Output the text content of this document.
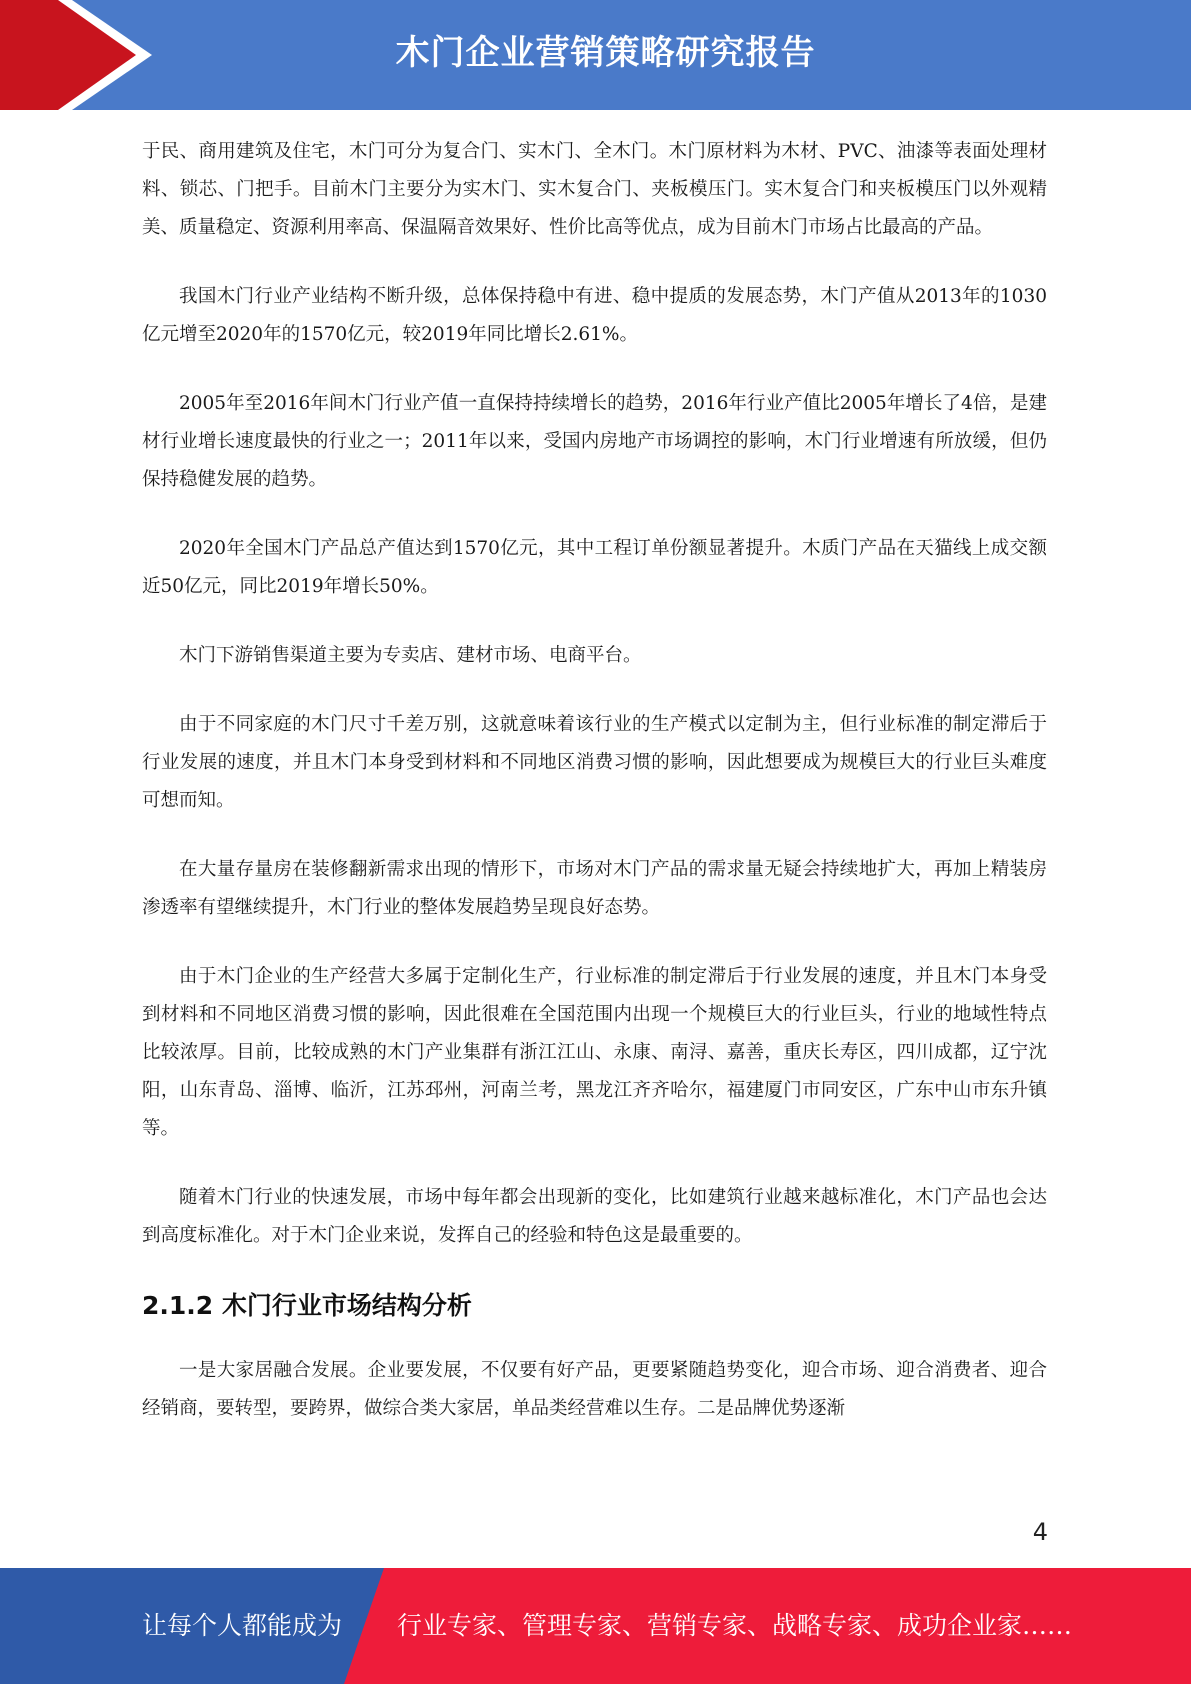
木门企业营销策略研究报告

于民、商用建筑及住宅，木门可分为复合门、实木门、全木门。木门原材料为木材、PVC、油漆等表面处理材料、锁芯、门把手。目前木门主要分为实木门、实木复合门、夹板模压门。实木复合门和夹板模压门以外观精美、质量稳定、资源利用率高、保温隔音效果好、性价比高等优点，成为目前木门市场占比最高的产品。

我国木门行业产业结构不断升级，总体保持稳中有进、稳中提质的发展态势，木门产值从2013年的1030亿元增至2020年的1570亿元，较2019年同比增长2.61%。

2005年至2016年间木门行业产值一直保持持续增长的趋势，2016年行业产值比2005年增长了4倍，是建材行业增长速度最快的行业之一；2011年以来，受国内房地产市场调控的影响，木门行业增速有所放缓，但仍保持稳健发展的趋势。

2020年全国木门产品总产值达到1570亿元，其中工程订单份额显著提升。木质门产品在天猫线上成交额近50亿元，同比2019年增长50%。

木门下游销售渠道主要为专卖店、建材市场、电商平台。

由于不同家庭的木门尺寸千差万别，这就意味着该行业的生产模式以定制为主，但行业标准的制定滞后于行业发展的速度，并且木门本身受到材料和不同地区消费习惯的影响，因此想要成为规模巨大的行业巨头难度可想而知。

在大量存量房在装修翻新需求出现的情形下，市场对木门产品的需求量无疑会持续地扩大，再加上精装房渗透率有望继续提升，木门行业的整体发展趋势呈现良好态势。

由于木门企业的生产经营大多属于定制化生产，行业标准的制定滞后于行业发展的速度，并且木门本身受到材料和不同地区消费习惯的影响，因此很难在全国范围内出现一个规模巨大的行业巨头，行业的地域性特点比较浓厚。目前，比较成熟的木门产业集群有浙江江山、永康、南浔、嘉善，重庆长寿区，四川成都，辽宁沈阳，山东青岛、淄博、临沂，江苏邳州，河南兰考，黑龙江齐齐哈尔，福建厦门市同安区，广东中山市东升镇等。

随着木门行业的快速发展，市场中每年都会出现新的变化，比如建筑行业越来越标准化，木门产品也会达到高度标准化。对于木门企业来说，发挥自己的经验和特色这是最重要的。

2.1.2 木门行业市场结构分析

一是大家居融合发展。企业要发展，不仅要有好产品，更要紧随趋势变化，迎合市场、迎合消费者、迎合经销商，要转型，要跨界，做综合类大家居，单品类经营难以生存。二是品牌优势逐渐

4
让每个人都能成为 行业专家、管理专家、营销专家、战略专家、成功企业家……
